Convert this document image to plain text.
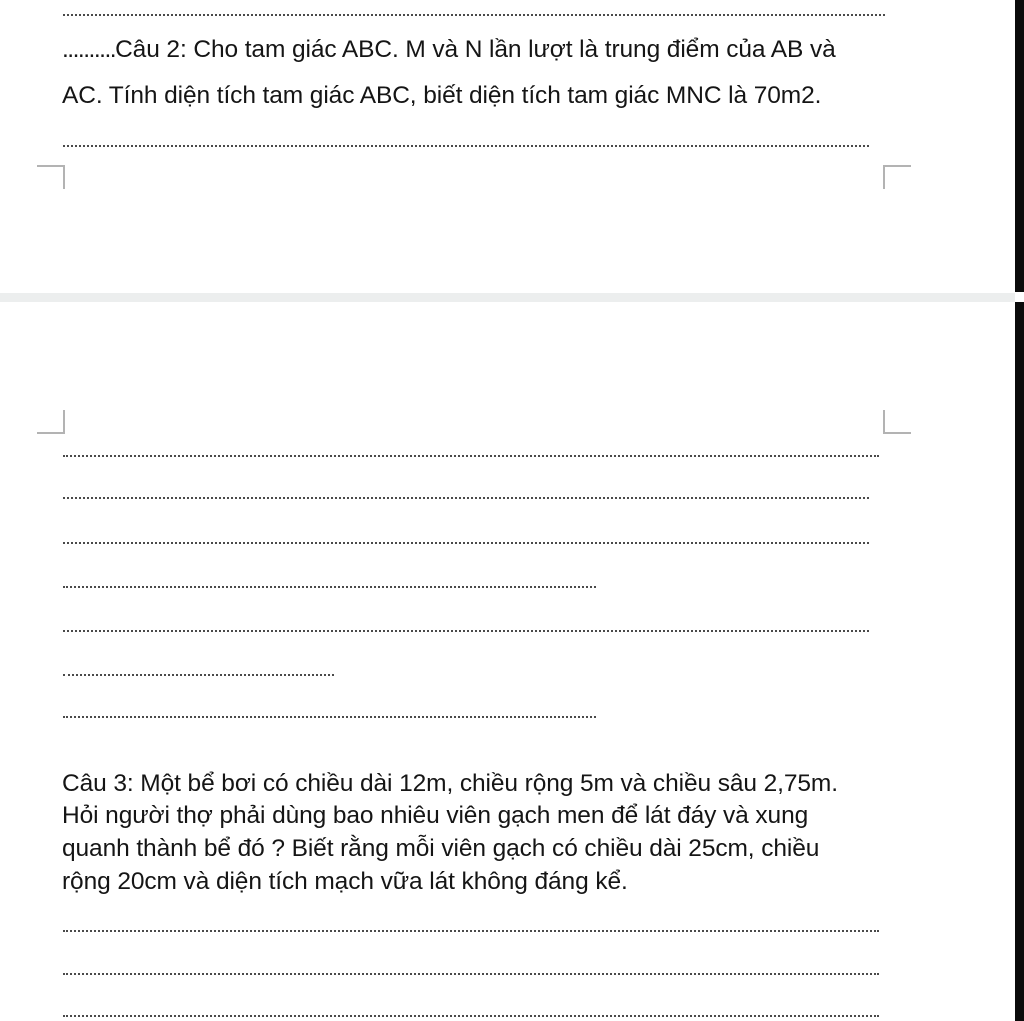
..........Câu 2: Cho tam giác ABC. M và N lần lượt là trung điểm của AB và
AC. Tính diện tích tam giác ABC, biết diện tích tam giác MNC là 70m2.
Câu 3: Một bể bơi có chiều dài 12m, chiều rộng 5m và chiều sâu 2,75m.
Hỏi người thợ phải dùng bao nhiêu viên gạch men để lát đáy và xung
quanh thành bể đó ? Biết rằng mỗi viên gạch có chiều dài 25cm, chiều
rộng 20cm và diện tích mạch vữa lát không đáng kể.
